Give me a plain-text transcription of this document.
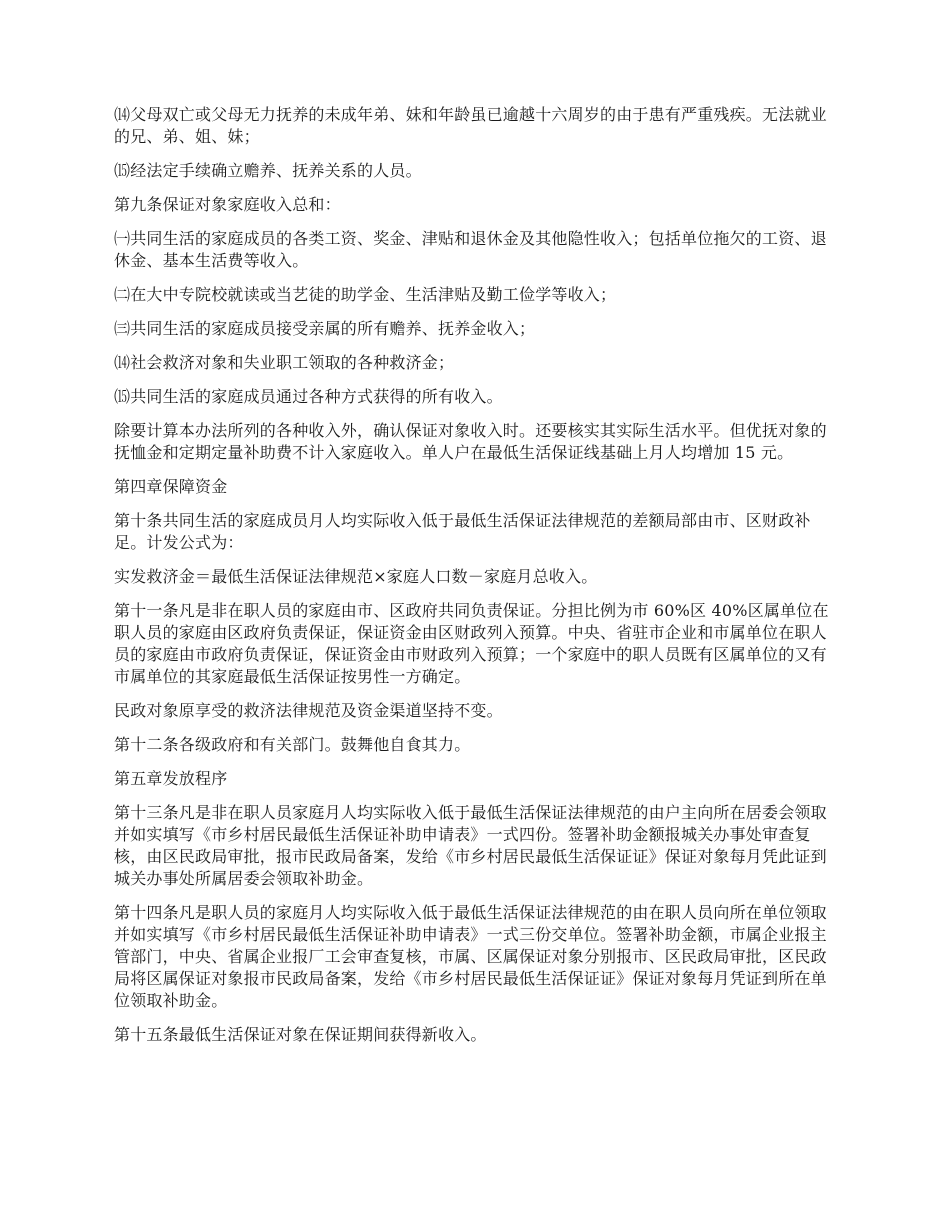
⒁父母双亡或父母无力抚养的未成年弟、妹和年龄虽已逾越十六周岁的由于患有严重残疾。无法就业的兄、弟、姐、妹；

⒂经法定手续确立赡养、抚养关系的人员。

第九条保证对象家庭收入总和：

㈠共同生活的家庭成员的各类工资、奖金、津贴和退休金及其他隐性收入；包括单位拖欠的工资、退休金、基本生活费等收入。

㈡在大中专院校就读或当艺徒的助学金、生活津贴及勤工俭学等收入；

㈢共同生活的家庭成员接受亲属的所有赡养、抚养金收入；

⒁社会救济对象和失业职工领取的各种救济金；

⒂共同生活的家庭成员通过各种方式获得的所有收入。

除要计算本办法所列的各种收入外，确认保证对象收入时。还要核实其实际生活水平。但优抚对象的抚恤金和定期定量补助费不计入家庭收入。单人户在最低生活保证线基础上月人均增加 15 元。

第四章保障资金

第十条共同生活的家庭成员月人均实际收入低于最低生活保证法律规范的差额局部由市、区财政补足。计发公式为：

实发救济金＝最低生活保证法律规范×家庭人口数－家庭月总收入。

第十一条凡是非在职人员的家庭由市、区政府共同负责保证。分担比例为市 60%区 40%区属单位在职人员的家庭由区政府负责保证，保证资金由区财政列入预算。中央、省驻市企业和市属单位在职人员的家庭由市政府负责保证，保证资金由市财政列入预算；一个家庭中的职人员既有区属单位的又有市属单位的其家庭最低生活保证按男性一方确定。

民政对象原享受的救济法律规范及资金渠道坚持不变。

第十二条各级政府和有关部门。鼓舞他自食其力。

第五章发放程序

第十三条凡是非在职人员家庭月人均实际收入低于最低生活保证法律规范的由户主向所在居委会领取并如实填写《市乡村居民最低生活保证补助申请表》一式四份。签署补助金额报城关办事处审查复核，由区民政局审批，报市民政局备案，发给《市乡村居民最低生活保证证》保证对象每月凭此证到城关办事处所属居委会领取补助金。

第十四条凡是职人员的家庭月人均实际收入低于最低生活保证法律规范的由在职人员向所在单位领取并如实填写《市乡村居民最低生活保证补助申请表》一式三份交单位。签署补助金额，市属企业报主管部门，中央、省属企业报厂工会审查复核，市属、区属保证对象分别报市、区民政局审批，区民政局将区属保证对象报市民政局备案，发给《市乡村居民最低生活保证证》保证对象每月凭证到所在单位领取补助金。

第十五条最低生活保证对象在保证期间获得新收入。
